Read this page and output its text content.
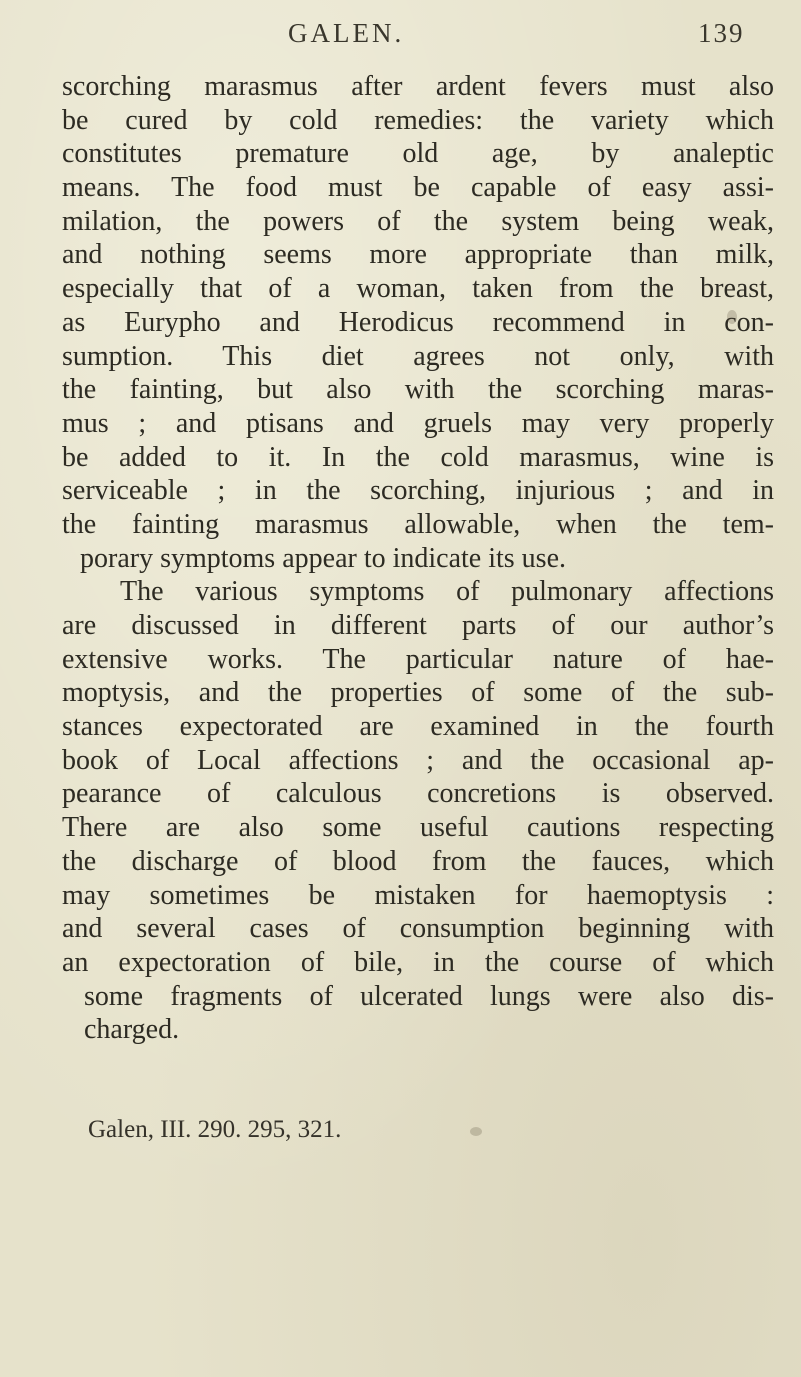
GALEN.	139
scorching marasmus after ardent fevers must also
be cured by cold remedies: the variety which
constitutes premature old age, by analeptic
means. The food must be capable of easy assi-
milation, the powers of the system being weak,
and nothing seems more appropriate than milk,
especially that of a woman, taken from the breast,
as Eurypho and Herodicus recommend in con-
sumption. This diet agrees not only, with
the fainting, but also with the scorching maras-
mus ; and ptisans and gruels may very properly
be added to it. In the cold marasmus, wine is
serviceable ; in the scorching, injurious ; and in
the fainting marasmus allowable, when the tem-
porary symptoms appear to indicate its use.
The various symptoms of pulmonary affections
are discussed in different parts of our author’s
extensive works. The particular nature of hae-
moptysis, and the properties of some of the sub-
stances expectorated are examined in the fourth
book of Local affections ; and the occasional ap-
pearance of calculous concretions is observed.
There are also some useful cautions respecting
the discharge of blood from the fauces, which
may sometimes be mistaken for haemoptysis :
and several cases of consumption beginning with
an expectoration of bile, in the course of which
some fragments of ulcerated lungs were also dis-
charged.
Galen, III. 290. 295, 321.
